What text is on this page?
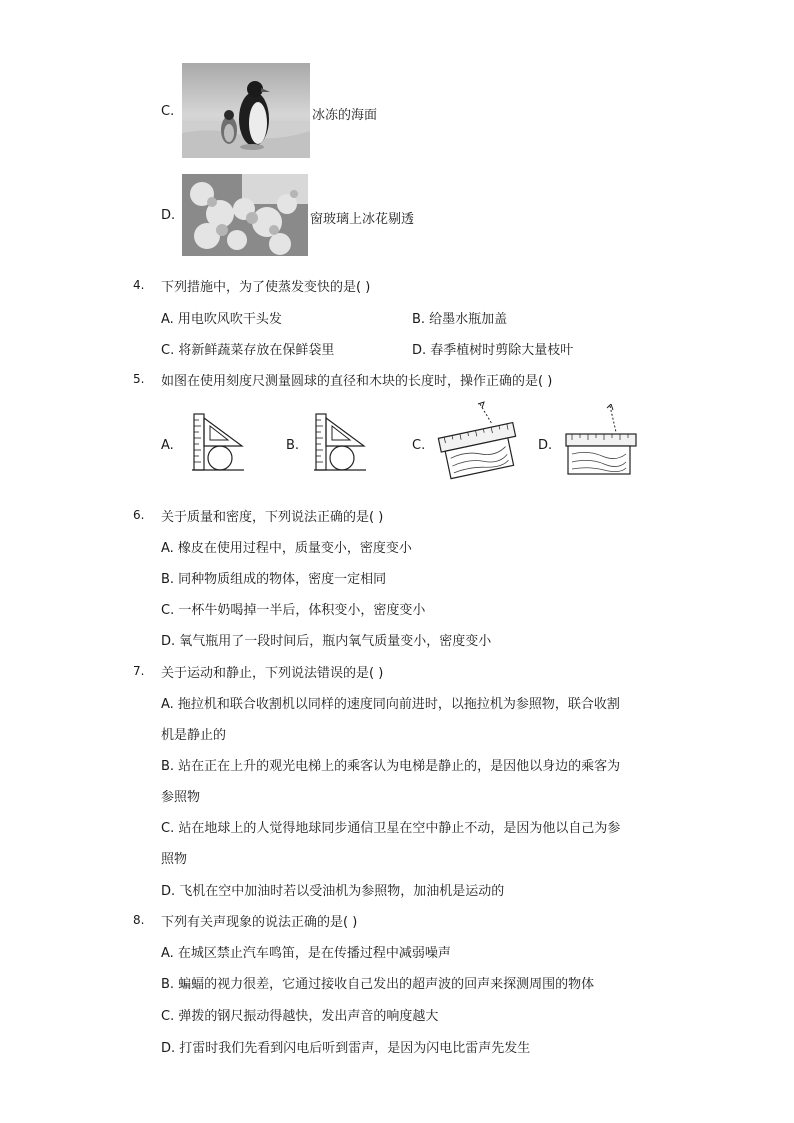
C.	冰冻的海面
D.	窗玻璃上冰花剔透
4. 下列措施中，为了使蒸发变快的是( )
A. 用电吹风吹干头发	B. 给墨水瓶加盖
C. 将新鲜蔬菜存放在保鲜袋里	D. 春季植树时剪除大量枝叶
5. 如图在使用刻度尺测量圆球的直径和木块的长度时，操作正确的是( )
A.	B.	C.	D.
6. 关于质量和密度，下列说法正确的是( )
A. 橡皮在使用过程中，质量变小，密度变小
B. 同种物质组成的物体，密度一定相同
C. 一杯牛奶喝掉一半后，体积变小，密度变小
D. 氧气瓶用了一段时间后，瓶内氧气质量变小，密度变小
7. 关于运动和静止，下列说法错误的是( )
A. 拖拉机和联合收割机以同样的速度同向前进时，以拖拉机为参照物，联合收割
机是静止的
B. 站在正在上升的观光电梯上的乘客认为电梯是静止的，是因他以身边的乘客为
参照物
C. 站在地球上的人觉得地球同步通信卫星在空中静止不动，是因为他以自己为参
照物
D. 飞机在空中加油时若以受油机为参照物，加油机是运动的
8. 下列有关声现象的说法正确的是( )
A. 在城区禁止汽车鸣笛，是在传播过程中减弱噪声
B. 蝙蝠的视力很差，它通过接收自己发出的超声波的回声来探测周围的物体
C. 弹拨的钢尺振动得越快，发出声音的响度越大
D. 打雷时我们先看到闪电后听到雷声，是因为闪电比雷声先发生
